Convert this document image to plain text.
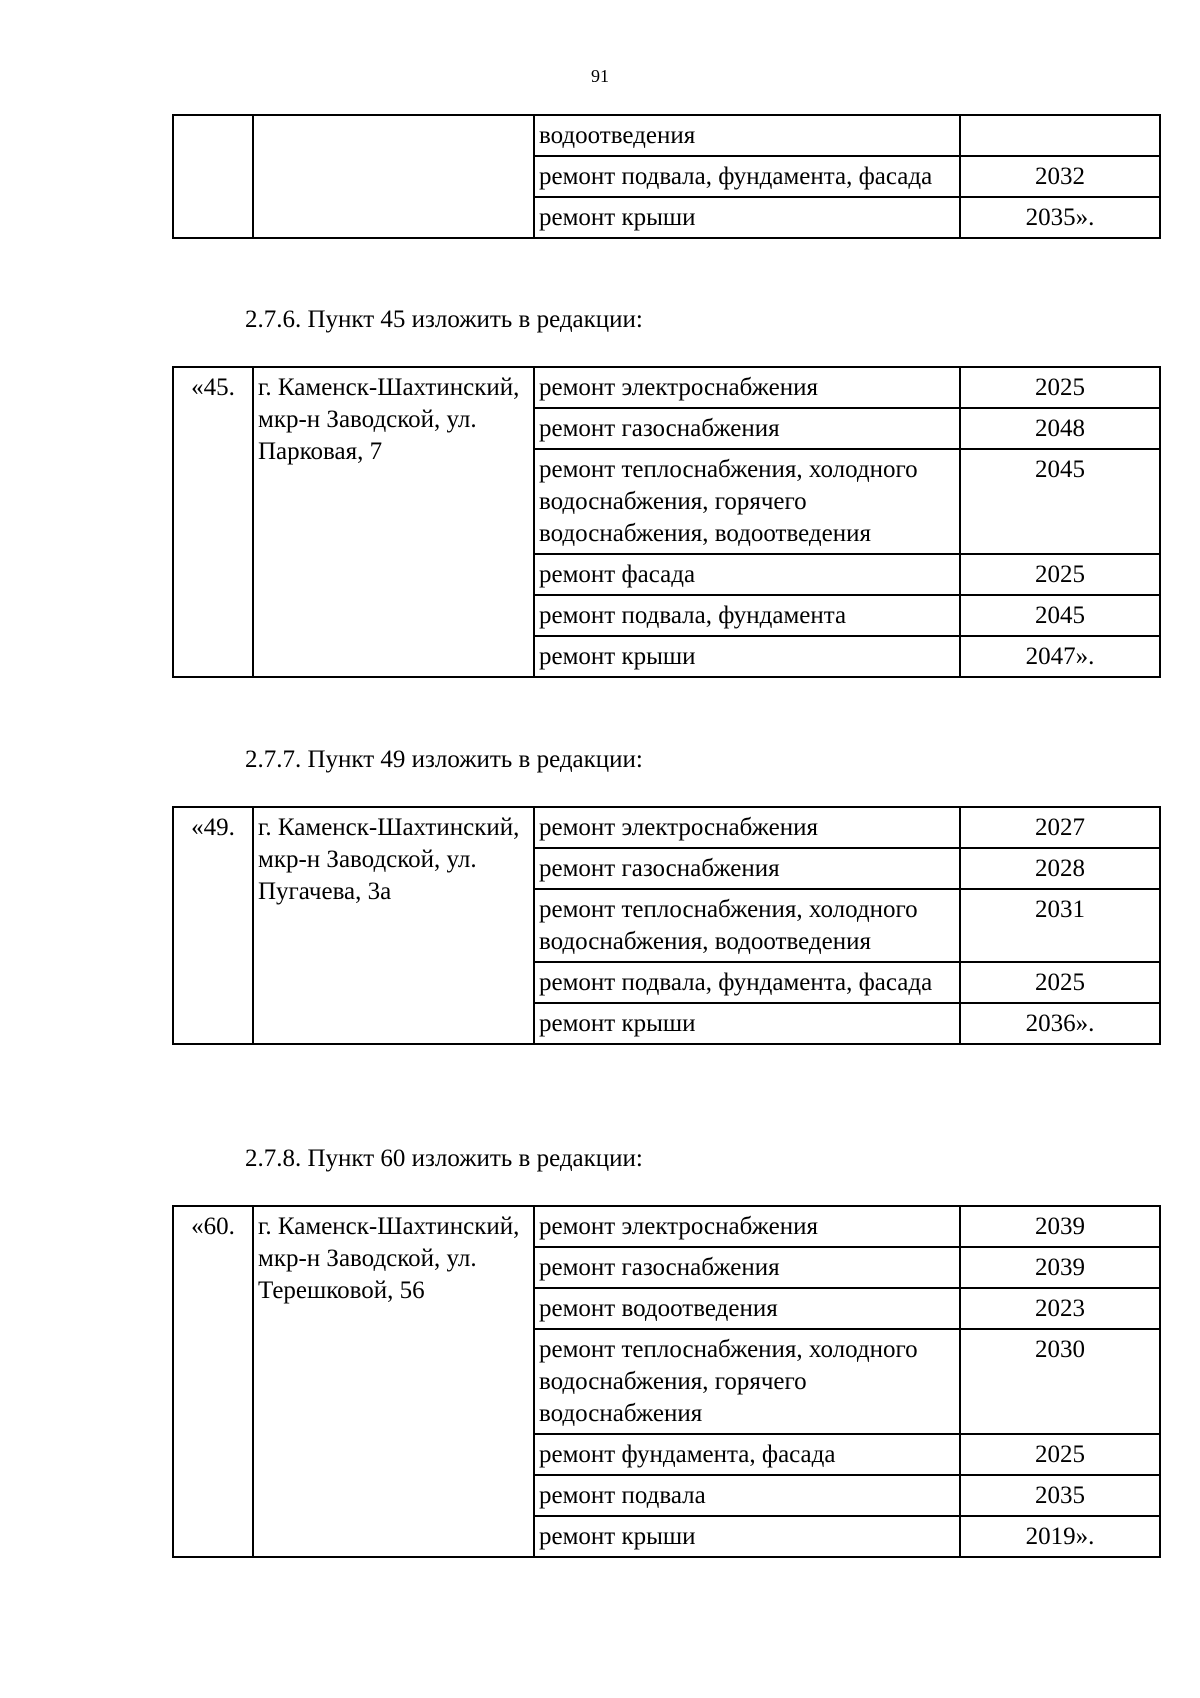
91
		водоотведения	
		ремонт подвала, фундамента, фасада	2032
		ремонт крыши	2035».
2.7.6. Пункт 45 изложить в редакции:
«45.	г. Каменск-Шахтинский, мкр-н Заводской, ул. Парковая, 7	ремонт электроснабжения	2025
		ремонт газоснабжения	2048
		ремонт теплоснабжения, холодного водоснабжения, горячего водоснабжения, водоотведения	2045
		ремонт фасада	2025
		ремонт подвала, фундамента	2045
		ремонт крыши	2047».
2.7.7. Пункт 49 изложить в редакции:
«49.	г. Каменск-Шахтинский, мкр-н Заводской, ул. Пугачева, 3а	ремонт электроснабжения	2027
		ремонт газоснабжения	2028
		ремонт теплоснабжения, холодного водоснабжения, водоотведения	2031
		ремонт подвала, фундамента, фасада	2025
		ремонт крыши	2036».
2.7.8. Пункт 60 изложить в редакции:
«60.	г. Каменск-Шахтинский, мкр-н Заводской, ул. Терешковой, 56	ремонт электроснабжения	2039
		ремонт газоснабжения	2039
		ремонт водоотведения	2023
		ремонт теплоснабжения, холодного водоснабжения, горячего водоснабжения	2030
		ремонт фундамента, фасада	2025
		ремонт подвала	2035
		ремонт крыши	2019».
